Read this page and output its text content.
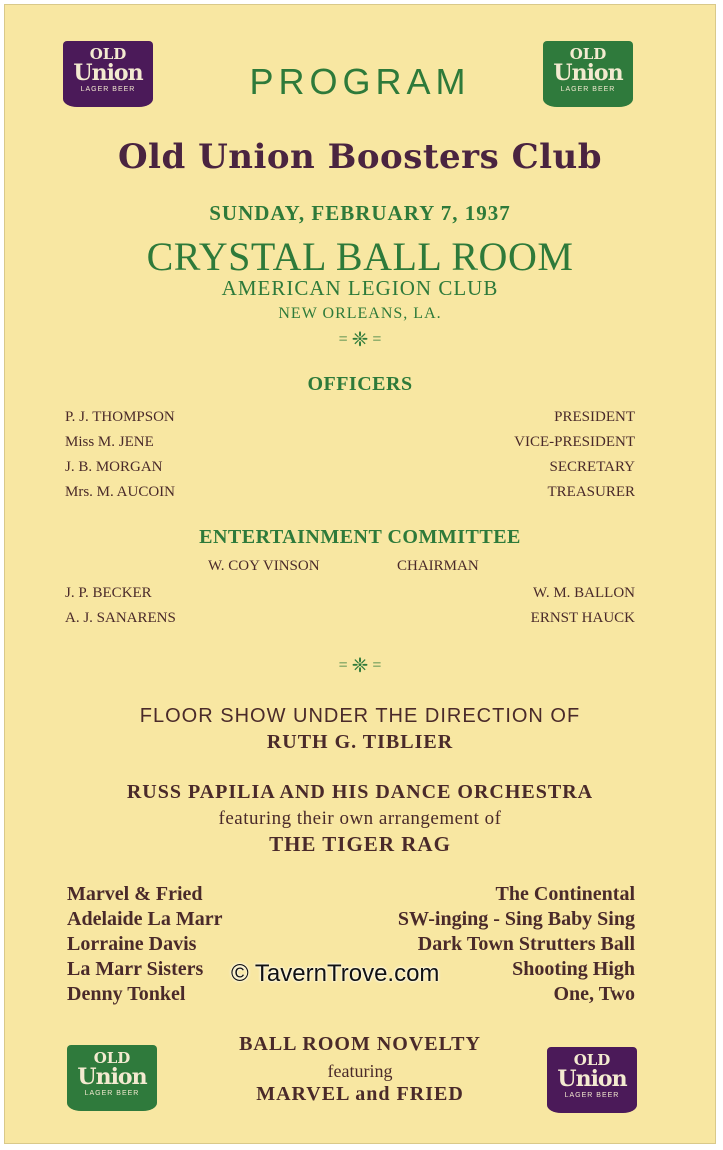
OLD
Union
LAGER BEER
OLD
Union
LAGER BEER
PROGRAM
Old Union Boosters Club
SUNDAY, FEBRUARY 7, 1937
CRYSTAL BALL ROOM
AMERICAN LEGION CLUB
NEW ORLEANS, LA.
= ❈ =
OFFICERS
ENTERTAINMENT COMMITTEE
W. COY VINSON	CHAIRMAN
= ❈ =
FLOOR SHOW UNDER THE DIRECTION OF
RUTH G. TIBLIER
RUSS PAPILIA AND HIS DANCE ORCHESTRA
featuring their own arrangement of
THE TIGER RAG
© TavernTrove.com
BALL ROOM NOVELTY
featuring
MARVEL and FRIED
OLD
Union
LAGER BEER
OLD
Union
LAGER BEER
P. J. THOMPSON	PRESIDENT
Miss M. JENE	VICE-PRESIDENT
J. B. MORGAN	SECRETARY
Mrs. M. AUCOIN	TREASURER
J. P. BECKER	W. M. BALLON
A. J. SANARENS	ERNST HAUCK
Marvel & Fried	The Continental
Adelaide La Marr	SW-inging - Sing Baby Sing
Lorraine Davis	Dark Town Strutters Ball
La Marr Sisters	Shooting High
Denny Tonkel	One, Two
